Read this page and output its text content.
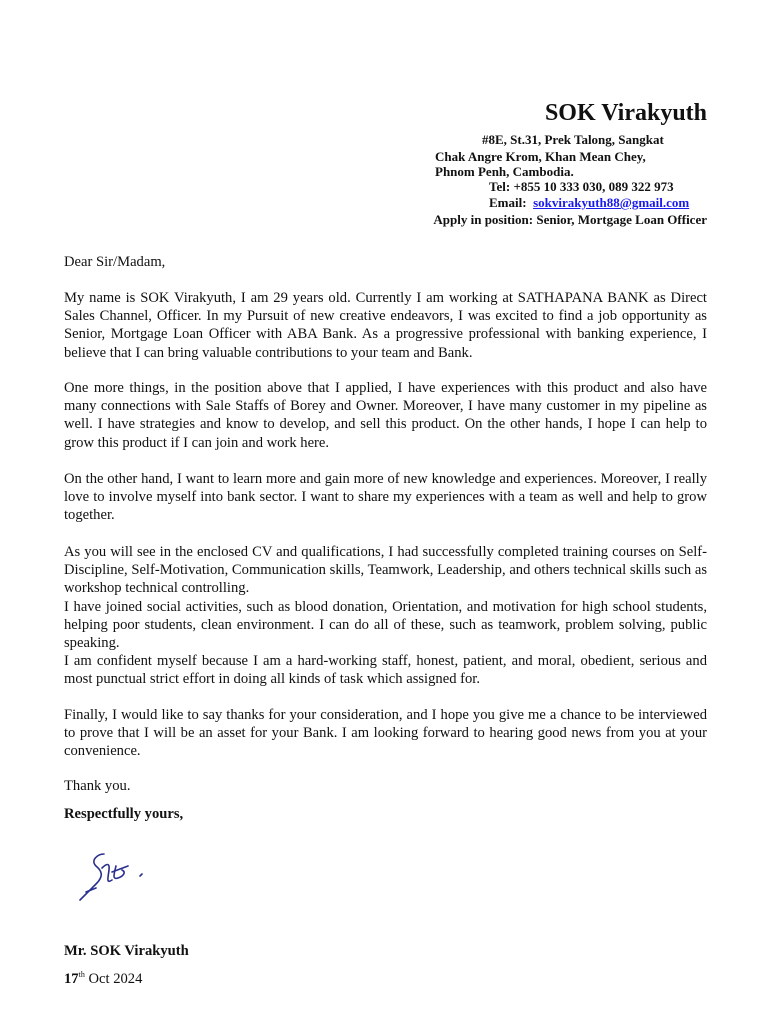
SOK Virakyuth
#8E, St.31, Prek Talong, Sangkat
Chak Angre Krom, Khan Mean Chey,
Phnom Penh, Cambodia.
Tel: +855 10 333 030, 089 322 973
Email: sokvirakyuth88@gmail.com
Apply in position: Senior, Mortgage Loan Officer
Dear Sir/Madam,

My name is SOK Virakyuth, I am 29 years old. Currently I am working at SATHAPANA BANK as Direct Sales Channel, Officer. In my Pursuit of new creative endeavors, I was excited to find a job opportunity as Senior, Mortgage Loan Officer with ABA Bank. As a progressive professional with banking experience, I believe that I can bring valuable contributions to your team and Bank.

One more things, in the position above that I applied, I have experiences with this product and also have many connections with Sale Staffs of Borey and Owner. Moreover, I have many customer in my pipeline as well. I have strategies and know to develop, and sell this product. On the other hands, I hope I can help to grow this product if I can join and work here.

On the other hand, I want to learn more and gain more of new knowledge and experiences. Moreover, I really love to involve myself into bank sector. I want to share my experiences with a team as well and help to grow together.

As you will see in the enclosed CV and qualifications, I had successfully completed training courses on Self-Discipline, Self-Motivation, Communication skills, Teamwork, Leadership, and others technical skills such as workshop technical controlling.

I have joined social activities, such as blood donation, Orientation, and motivation for high school students, helping poor students, clean environment. I can do all of these, such as teamwork, problem solving, public speaking.

I am confident myself because I am a hard-working staff, honest, patient, and moral, obedient, serious and most punctual strict effort in doing all kinds of task which assigned for.

Finally, I would like to say thanks for your consideration, and I hope you give me a chance to be interviewed to prove that I will be an asset for your Bank. I am looking forward to hearing good news from you at your convenience.

Thank you.
Respectfully yours,
Mr. SOK Virakyuth
17th Oct 2024
